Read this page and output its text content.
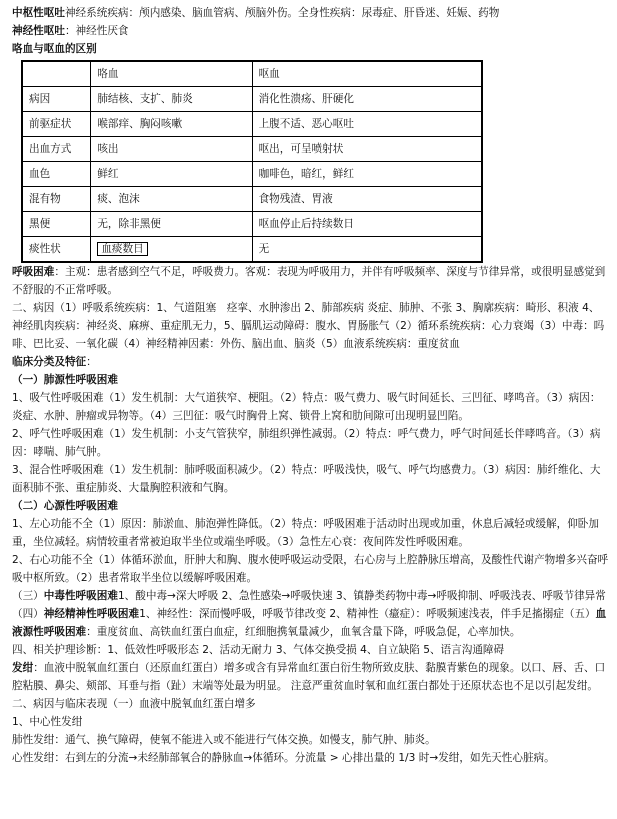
中枢性呕吐神经系统疾病：颅内感染、脑血管病、颅脑外伤。全身性疾病：尿毒症、肝昏迷、妊娠、药物
神经性呕吐：神经性厌食
咯血与呕血的区别
	咯血	呕血
病因	肺结核、支扩、肺炎	消化性溃疡、肝硬化
前驱症状	喉部痒、胸闷咳嗽	上腹不适、恶心呕吐
出血方式	咳出	呕出，可呈喷射状
血色	鲜红	咖啡色，暗红，鲜红
混有物	痰、泡沫	食物残渣、胃液
黑便	无，除非黑便	呕血停止后持续数日
痰性状	血痰数日	无
呼吸困难：主观：患者感到空气不足，呼吸费力。客观：表现为呼吸用力，并伴有呼吸频率、深度与节律异常，或很明显感觉到不舒服的不正常呼吸。
二、病因（1）呼吸系统疾病：1、气道阻塞　痉挛、水肿渗出 2、肺部疾病 炎症、肺肿、不张 3、胸廓疾病：畸形、积液 4、神经肌肉疾病：神经炎、麻痹、重症肌无力，5、膈肌运动障碍：腹水、胃肠胀气（2）循环系统疾病：心力衰竭（3）中毒：吗啡、巴比妥、一氧化碳（4）神经精神因素：外伤、脑出血、脑炎（5）血液系统疾病：重度贫血
临床分类及特征：
（一）肺源性呼吸困难
1、吸气性呼吸困难（1）发生机制：大气道狭窄、梗阻。（2）特点：吸气费力、吸气时间延长、三凹征、哮鸣音。（3）病因：炎症、水肿、肿瘤或异物等。（4）三凹征：吸气时胸骨上窝、锁骨上窝和肋间隙可出现明显凹陷。
2、呼气性呼吸困难（1）发生机制：小支气管狭窄，肺组织弹性减弱。（2）特点：呼气费力，呼气时间延长伴哮鸣音。（3）病因：哮喘、肺气肿。
3、混合性呼吸困难（1）发生机制：肺呼吸面积减少。（2）特点：呼吸浅快，吸气、呼气均感费力。（3）病因：肺纤维化、大面积肺不张、重症肺炎、大量胸腔积液和气胸。
（二）心源性呼吸困难
1、左心功能不全（1）原因：肺淤血、肺泡弹性降低。（2）特点：呼吸困难于活动时出现或加重，休息后减轻或缓解，仰卧加重，坐位减轻。病情较重者常被迫取半坐位或端坐呼吸。（3）急性左心衰：夜间阵发性呼吸困难。
2、右心功能不全（1）体循环淤血，肝肿大和胸、腹水使呼吸运动受限，右心房与上腔静脉压增高，及酸性代谢产物增多兴奋呼吸中枢所致。（2）患者常取半坐位以缓解呼吸困难。
（三）中毒性呼吸困难1、酸中毒→深大呼吸 2、急性感染→呼吸快速 3、镇静类药物中毒→呼吸抑制、呼吸浅表、呼吸节律异常（四）神经精神性呼吸困难1、神经性：深而慢呼吸，呼吸节律改变 2、精神性（癔症）：呼吸频速浅表，伴手足搐搦症（五）血液源性呼吸困难：重度贫血、高铁血红蛋白血症，红细胞携氧量减少，血氧含量下降，呼吸急促，心率加快。
四、相关护理诊断：1、低效性呼吸形态 2、活动无耐力 3、气体交换受损 4、自立缺陷 5、语言沟通障碍
发绀：血液中脱氧血红蛋白（还原血红蛋白）增多或含有异常血红蛋白衍生物所致皮肤、黏膜青紫色的现象。以口、唇、舌、口腔粘膜、鼻尖、颊部、耳垂与指（趾）末端等处最为明显。 注意严重贫血时氧和血红蛋白都处于还原状态也不足以引起发绀。
二、病因与临床表现（一）血液中脱氧血红蛋白增多
1、中心性发绀
肺性发绀：通气、换气障碍，使氧不能进入或不能进行气体交换。如慢支，肺气肿、肺炎。
心性发绀：右到左的分流→未经肺部氧合的静脉血→体循环。分流量 > 心排出量的 1/3 时→发绀，如先天性心脏病。
